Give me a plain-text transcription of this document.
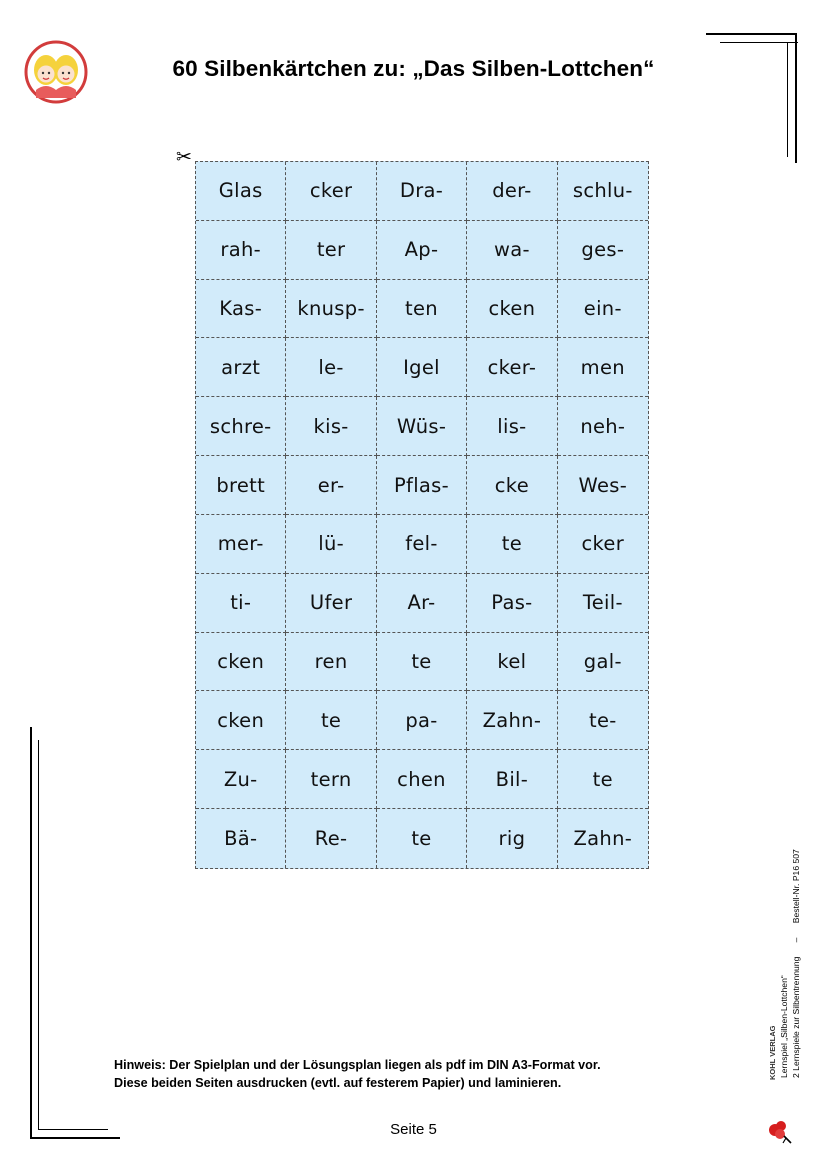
60 Silbenkärtchen zu: „Das Silben-Lottchen“
✂
Glas	cker	Dra-	der-	schlu-
rah-	ter	Ap-	wa-	ges-
Kas-	knusp-	ten	cken	ein-
arzt	le-	Igel	cker-	men
schre-	kis-	Wüs-	lis-	neh-
brett	er-	Pflas-	cke	Wes-
mer-	lü-	fel-	te	cker
ti-	Ufer	Ar-	Pas-	Teil-
cken	ren	te	kel	gal-
cken	te	pa-	Zahn-	te-
Zu-	tern	chen	Bil-	te
Bä-	Re-	te	rig	Zahn-
Hinweis: Der Spielplan und der Lösungsplan liegen als pdf im DIN A3-Format vor.
Diese beiden Seiten ausdrucken (evtl. auf festerem Papier) und laminieren.
Seite 5
Lernspiel „Silben-Lottchen“ 2 Lernspiele zur Silbentrennung      –      Bestell-Nr. P16 507
KOHL VERLAG
